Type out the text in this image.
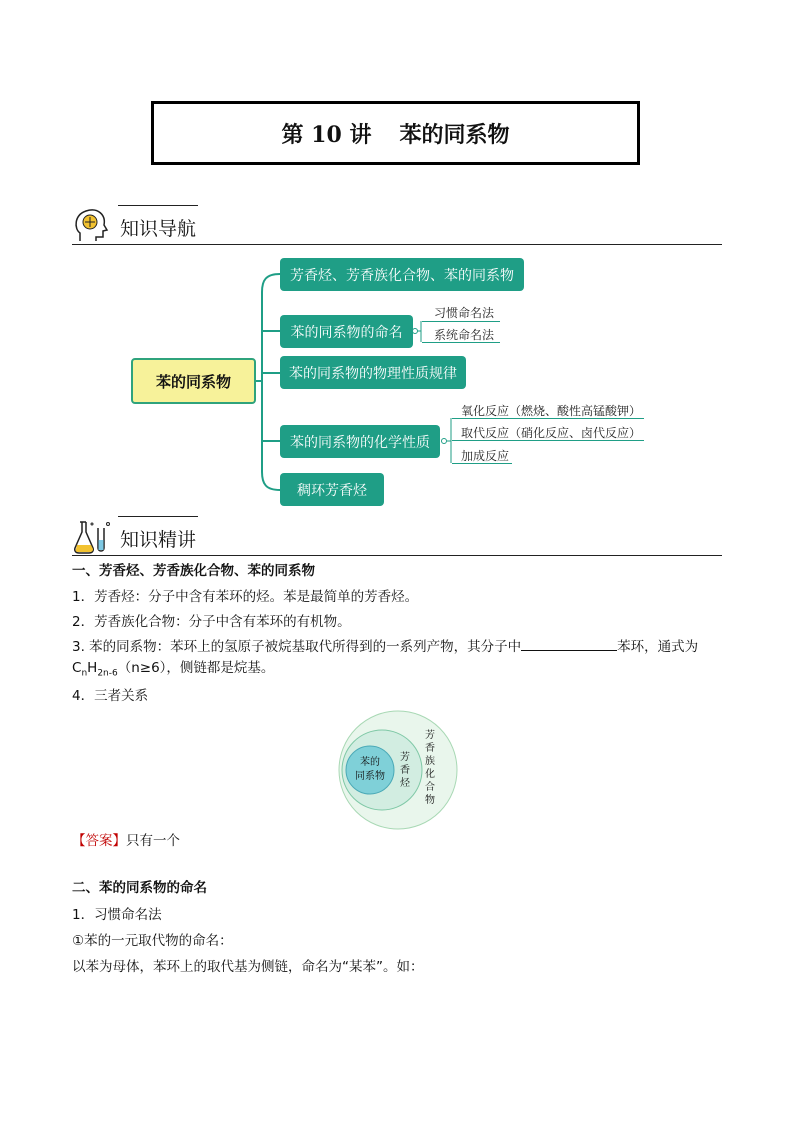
第 10 讲 苯的同系物
知识导航
苯的同系物
芳香烃、芳香族化合物、苯的同系物
苯的同系物的命名
苯的同系物的物理性质规律
苯的同系物的化学性质
稠环芳香烃
习惯命名法
系统命名法
氧化反应（燃烧、酸性高锰酸钾）
取代反应（硝化反应、卤代反应）
加成反应
知识精讲
一、芳香烃、芳香族化合物、苯的同系物
1．芳香烃：分子中含有苯环的烃。苯是最简单的芳香烃。
2．芳香族化合物：分子中含有苯环的有机物。
3. 苯的同系物：苯环上的氢原子被烷基取代所得到的一系列产物，其分子中	苯环，通式为
$C_nH_{2n-6}(n\ge 6)$，侧链都是烷基。
4．三者关系
苯的
同系物
芳
香
烃
芳
香
族
化
合
物
【答案】只有一个
二、苯的同系物的命名
1．习惯命名法
①苯的一元取代物的命名：
以苯为母体，苯环上的取代基为侧链，命名为“某苯”。如：
